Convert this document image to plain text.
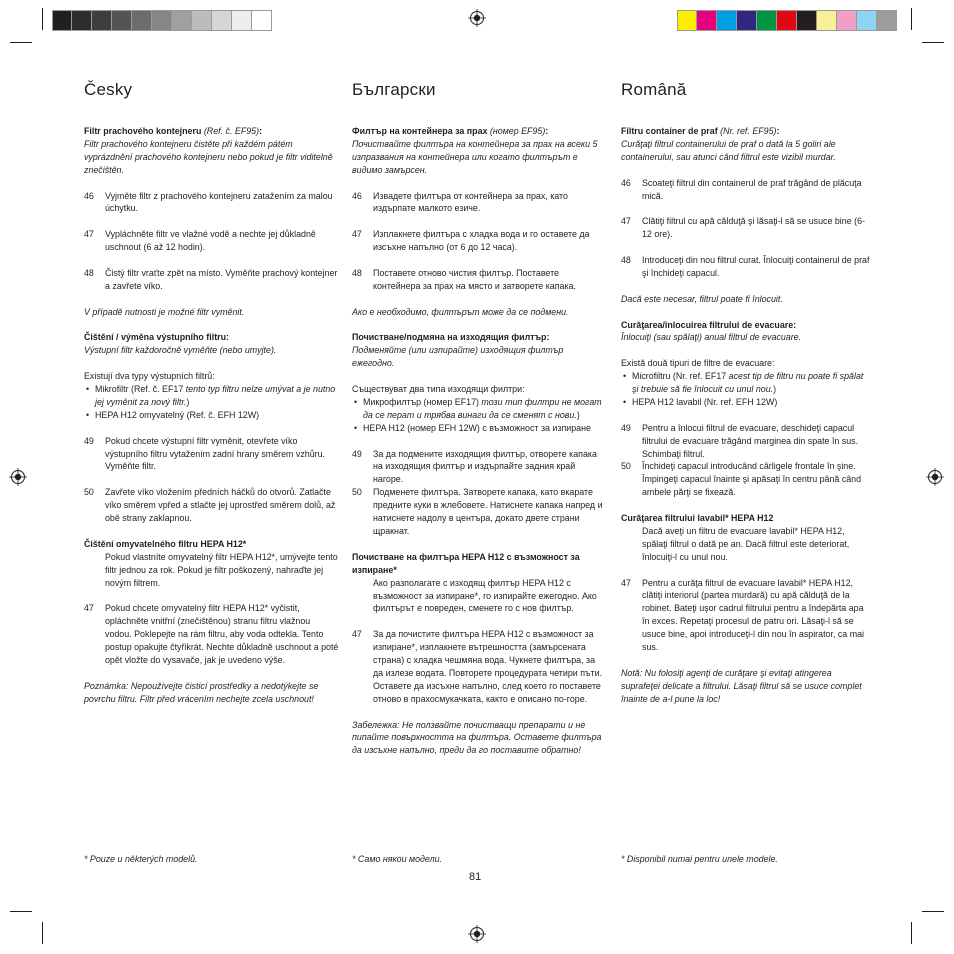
Česky

Filtr prachového kontejneru (Ref. č. EF95):

Filtr prachového kontejneru čistěte při každém pátém vyprázdnění prachového kontejneru nebo pokud je filtr viditelně znečištěn.

46 Vyjměte filtr z prachového kontejneru zatažením za malou úchytku.

47 Vypláchněte filtr ve vlažné vodě a nechte jej důkladně uschnout (6 až 12 hodin).

48 Čistý filtr vraťte zpět na místo. Vyměňte prachový kontejner a zavřete víko.

V případě nutnosti je možné filtr vyměnit.

Čištění / výměna výstupního filtru:

Výstupní filtr každoročně vyměňte (nebo umyjte).

Existují dva typy výstupních filtrů:

• Mikrofiltr (Ref. č. EF17 tento typ filtru nelze umývat a je nutno jej vyměnit za nový filtr.)

• HEPA H12 omyvatelný (Ref. č. EFH 12W)

49 Pokud chcete výstupní filtr vyměnit, otevřete víko výstupního filtru vytažením zadní hrany směrem vzhůru. Vyměňte filtr.

50 Zavřete víko vložením předních háčků do otvorů. Zatlačte víko směrem vpřed a stlačte jej uprostřed směrem dolů, až obě strany zaklapnou.

Čištění omyvatelného filtru HEPA H12*

Pokud vlastníte omyvatelný filtr HEPA H12*, umývejte tento filtr jednou za rok. Pokud je filtr poškozený, nahraďte jej novým filtrem.

47 Pokud chcete omyvatelný filtr HEPA H12* vyčistit, opláchněte vnitřní (znečištěnou) stranu filtru vlažnou vodou. Poklepejte na rám filtru, aby voda odtekla. Tento postup opakujte čtyřikrát. Nechte důkladně uschnout a poté opět vložte do vysavače, jak je uvedeno výše.

Poznámka: Nepoužívejte čisticí prostředky a nedotýkejte se povrchu filtru. Filtr před vrácením nechejte zcela uschnout!

* Pouze u některých modelů.

Български

Филтър на контейнера за прах (номер EF95):

Почиствайте филтъра на контейнера за прах на всеки 5 изпразвания на контейнера или когато филтърът е видимо замърсен.

46 Извадете филтъра от контейнера за прах, като издърпате малкото езиче.

47 Изплакнете филтъра с хладка вода и го оставете да изсъхне напълно (от 6 до 12 часа).

48 Поставете отново чистия филтър. Поставете контейнера за прах на място и затворете капака.

Ако е необходимо, филтърът може да се подмени.

Почистване/подмяна на изходящия филтър:

Подменяйте (или изпирайте) изходящия филтър ежегодно.

Съществуват два типа изходящи филтри:

• Микрофилтър (номер EF17) този тип филтри не могат да се перат и трябва винаги да се сменят с нови.)

• HEPA H12 (номер EFH 12W) с възможност за изпиране

49 За да подмените изходящия филтър, отворете капака на изходящия филтър и издърпайте задния край нагоре.

50 Подменете филтъра. Затворете капака, като вкарате предните куки в жлебовете. Натиснете капака напред и натиснете надолу в центъра, докато двете страни щракнат.

Почистване на филтъра HEPA H12 с възможност за изпиране*

Ако разполагате с изходящ филтър HEPA H12 с възможност за изпиране*, го изпирайте ежегодно. Ако филтърът е повреден, сменете го с нов филтър.

47 За да почистите филтъра HEPA H12 с възможност за изпиране*, изплакнете вътрешността (замърсената страна) с хладка чешмяна вода. Чукнете филтъра, за да излезе водата. Повторете процедурата четири пъти. Оставете да изсъхне напълно, след което го поставете отново в прахосмукачката, както е описано по-горе.

Забележка: Не ползвайте почистващи препарати и не пипайте повърхността на филтъра. Оставете филтъра да изсъхне напълно, преди да го поставите обратно!

* Само някои модели.

Română

Filtru container de praf (Nr. ref. EF95):

Curăţaţi filtrul containerului de praf o dată la 5 goliri ale containerului, sau atunci când filtrul este vizibil murdar.

46 Scoateţi filtrul din containerul de praf trăgând de plăcuţa mică.

47 Clătiţi filtrul cu apă călduţă şi lăsaţi-l să se usuce bine (6-12 ore).

48 Introduceţi din nou filtrul curat. Înlocuiţi containerul de praf şi închideţi capacul.

Dacă este necesar, filtrul poate fi înlocuit.

Curăţarea/înlocuirea filtrului de evacuare:

Înlocuiţi (sau spălaţi) anual filtrul de evacuare.

Există două tipuri de filtre de evacuare:

• Microfiltru (Nr. ref. EF17 acest tip de filtru nu poate fi spălat şi trebuie să fie înlocuit cu unul nou.)

• HEPA H12 lavabil (Nr. ref. EFH 12W)

49 Pentru a înlocui filtrul de evacuare, deschideţi capacul filtrului de evacuare trăgând marginea din spate în sus. Schimbaţi filtrul.

50 Închideţi capacul introducând cârligele frontale în şine. Împingeţi capacul înainte şi apăsaţi în centru până când ambele părţi se fixează.

Curăţarea filtrului lavabil* HEPA H12

Dacă aveţi un filtru de evacuare lavabil* HEPA H12, spălaţi filtrul o dată pe an. Dacă filtrul este deteriorat, înlocuiţi-l cu unul nou.

47 Pentru a curăţa filtrul de evacuare lavabil* HEPA H12, clătiţi interiorul (partea murdară) cu apă călduţă de la robinet. Bateţi uşor cadrul filtrului pentru a îndepărta apa în exces. Repetaţi procesul de patru ori. Lăsaţi-l să se usuce bine, apoi introduceţi-l din nou în aspirator, ca mai sus.

Notă: Nu folosiţi agenţi de curăţare şi evitaţi atingerea suprafeţei delicate a filtrului. Lăsaţi filtrul să se usuce complet înainte de a-l pune la loc!

* Disponibil numai pentru unele modele.

81
